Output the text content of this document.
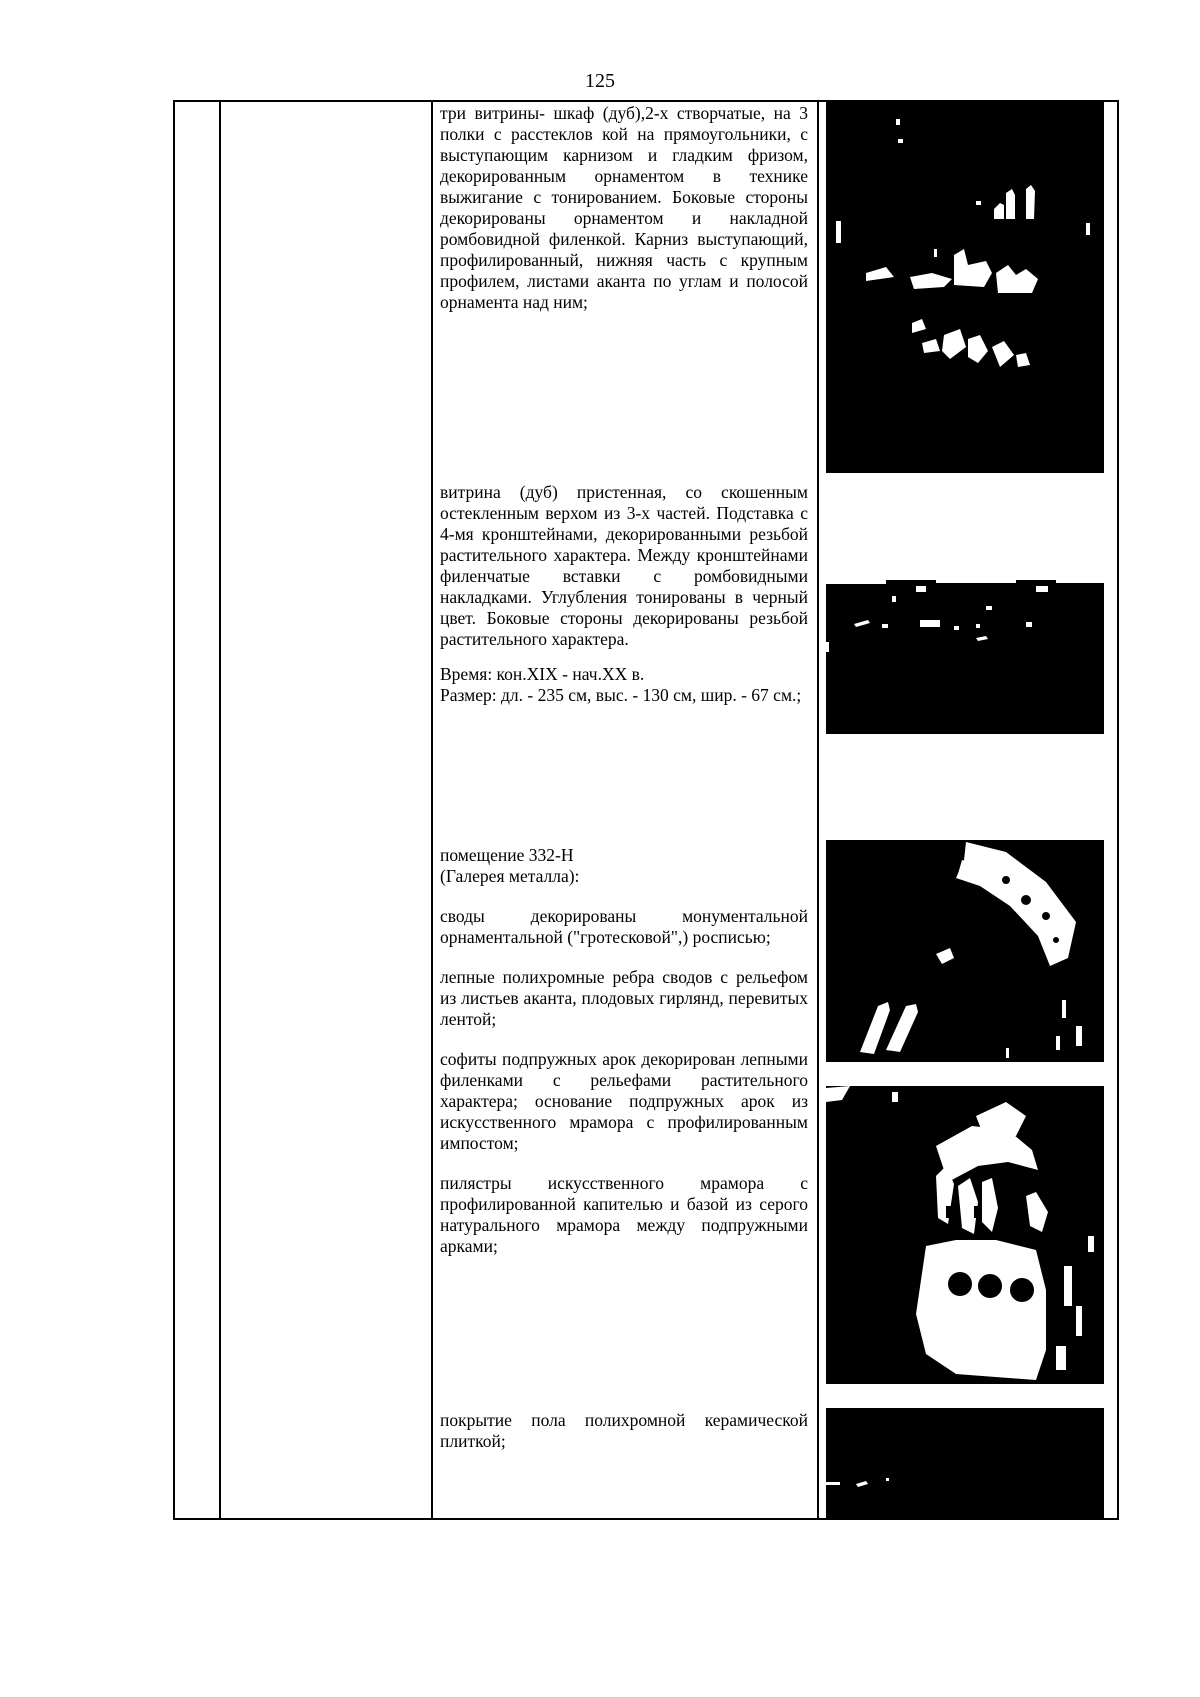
125

три витрины- шкаф (дуб),2-х створчатые, на 3 полки с расстеклов кой на прямоугольники, с выступающим карнизом и гладким фризом, декорированным орнаментом в технике выжигание с тонированием. Боковые стороны декорированы орнаментом и накладной ромбовидной филенкой. Карниз выступающий, профилированный, нижняя часть с крупным профилем, листами аканта по углам и полосой орнамента над ним;

витрина (дуб) пристенная, со скошенным остекленным верхом из 3-х частей. Подставка с 4-мя кронштейнами, декорированными резьбой растительного характера. Между кронштейнами филенчатые вставки с ромбовидными накладками. Углубления тонированы в черный цвет. Боковые стороны декорированы резьбой растительного характера.

Время: кон.XIX - нач.XX в.

Размер: дл. - 235 см, выс. - 130 см, шир. - 67 см.;

помещение 332-Н

(Галерея металла):

своды декорированы монументальной орнаментальной ("гротесковой",) росписью;

лепные полихромные ребра сводов с рельефом из листьев аканта, плодовых гирлянд, перевитых лентой;

софиты подпружных арок декорирован лепными филенками с рельефами растительного характера; основание подпружных арок из искусственного мрамора с профилированным импостом;

пилястры искусственного мрамора с профилированной капителью и базой из серого натурального мрамора между подпружными арками;

покрытие пола полихромной керамической плиткой;
